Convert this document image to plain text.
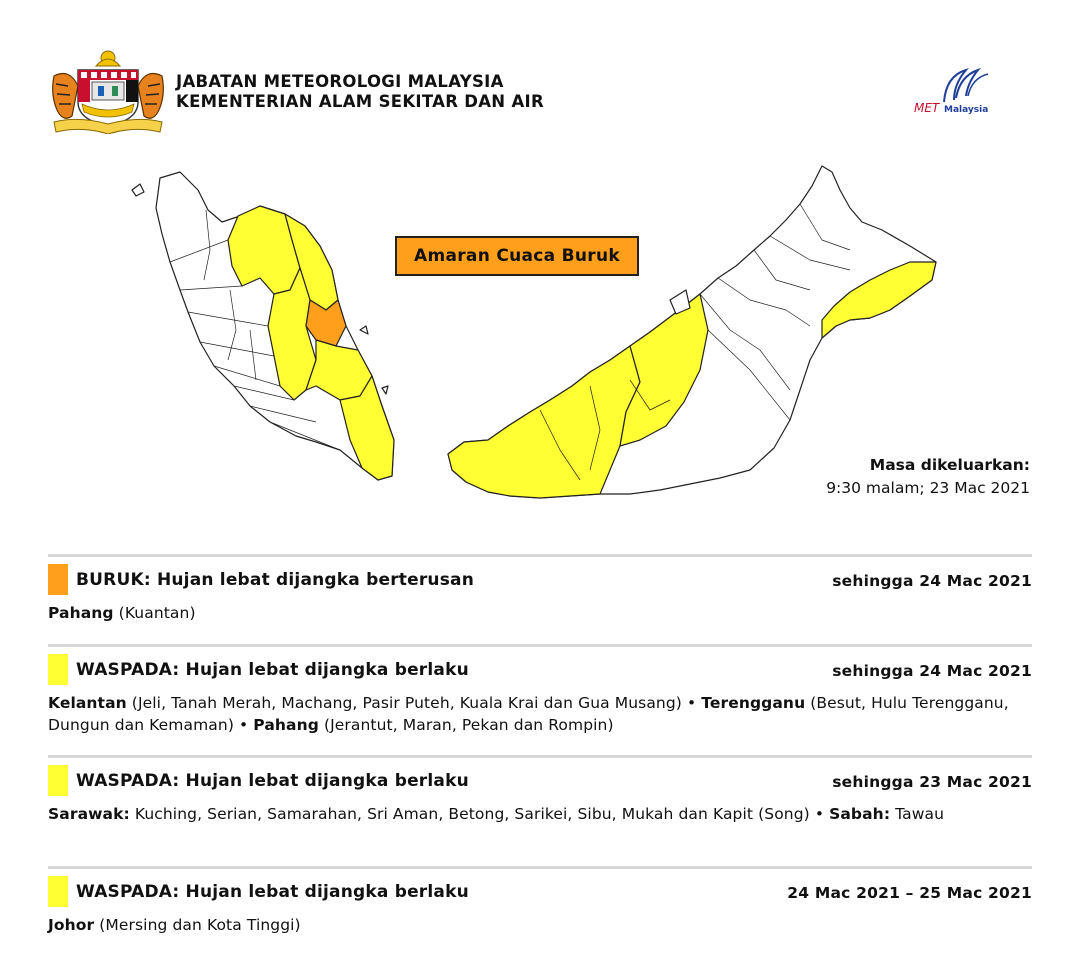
JABATAN METEOROLOGI MALAYSIA
KEMENTERIAN ALAM SEKITAR DAN AIR	MET Malaysia
Amaran Cuaca Buruk
Masa dikeluarkan:
9:30 malam; 23 Mac 2021
BURUK: Hujan lebat dijangka berterusan	sehingga 24 Mac 2021
Pahang (Kuantan)
WASPADA: Hujan lebat dijangka berlaku	sehingga 24 Mac 2021
Kelantan (Jeli, Tanah Merah, Machang, Pasir Puteh, Kuala Krai dan Gua Musang) • Terengganu (Besut, Hulu Terengganu, Dungun dan Kemaman) • Pahang (Jerantut, Maran, Pekan dan Rompin)
WASPADA: Hujan lebat dijangka berlaku	sehingga 23 Mac 2021
Sarawak: Kuching, Serian, Samarahan, Sri Aman, Betong, Sarikei, Sibu, Mukah dan Kapit (Song) • Sabah: Tawau
WASPADA: Hujan lebat dijangka berlaku	24 Mac 2021 – 25 Mac 2021
Johor (Mersing dan Kota Tinggi)
